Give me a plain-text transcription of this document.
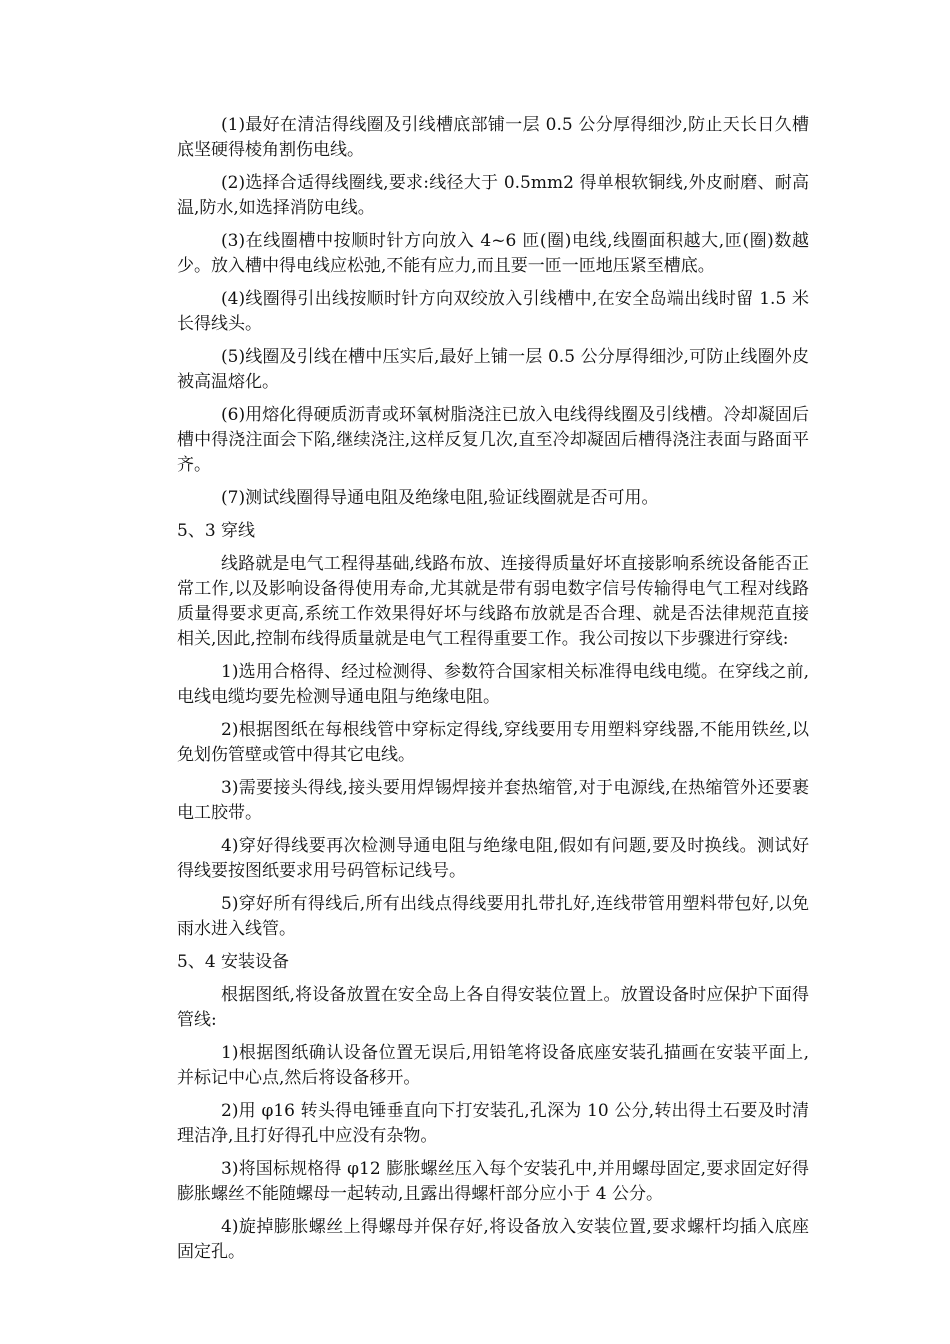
(1)最好在清洁得线圈及引线槽底部铺一层 0.5 公分厚得细沙,防止天长日久槽底坚硬得棱角割伤电线。

(2)选择合适得线圈线,要求:线径大于 0.5mm2 得单根软铜线,外皮耐磨、耐高温,防水,如选择消防电线。

(3)在线圈槽中按顺时针方向放入 4~6 匝(圈)电线,线圈面积越大,匝(圈)数越少。放入槽中得电线应松弛,不能有应力,而且要一匝一匝地压紧至槽底。

(4)线圈得引出线按顺时针方向双绞放入引线槽中,在安全岛端出线时留 1.5 米长得线头。

(5)线圈及引线在槽中压实后,最好上铺一层 0.5 公分厚得细沙,可防止线圈外皮被高温熔化。

(6)用熔化得硬质沥青或环氧树脂浇注已放入电线得线圈及引线槽。冷却凝固后槽中得浇注面会下陷,继续浇注,这样反复几次,直至冷却凝固后槽得浇注表面与路面平齐。

(7)测试线圈得导通电阻及绝缘电阻,验证线圈就是否可用。

5、3 穿线

线路就是电气工程得基础,线路布放、连接得质量好坏直接影响系统设备能否正常工作,以及影响设备得使用寿命,尤其就是带有弱电数字信号传输得电气工程对线路质量得要求更高,系统工作效果得好坏与线路布放就是否合理、就是否法律规范直接相关,因此,控制布线得质量就是电气工程得重要工作。我公司按以下步骤进行穿线:

1)选用合格得、经过检测得、参数符合国家相关标准得电线电缆。在穿线之前,电线电缆均要先检测导通电阻与绝缘电阻。

2)根据图纸在每根线管中穿标定得线,穿线要用专用塑料穿线器,不能用铁丝,以免划伤管壁或管中得其它电线。

3)需要接头得线,接头要用焊锡焊接并套热缩管,对于电源线,在热缩管外还要裹电工胶带。

4)穿好得线要再次检测导通电阻与绝缘电阻,假如有问题,要及时换线。测试好得线要按图纸要求用号码管标记线号。

5)穿好所有得线后,所有出线点得线要用扎带扎好,连线带管用塑料带包好,以免雨水进入线管。

5、4 安装设备

根据图纸,将设备放置在安全岛上各自得安装位置上。放置设备时应保护下面得管线:

1)根据图纸确认设备位置无误后,用铅笔将设备底座安装孔描画在安装平面上,并标记中心点,然后将设备移开。

2)用 φ16 转头得电锤垂直向下打安装孔,孔深为 10 公分,转出得土石要及时清理洁净,且打好得孔中应没有杂物。

3)将国标规格得 φ12 膨胀螺丝压入每个安装孔中,并用螺母固定,要求固定好得膨胀螺丝不能随螺母一起转动,且露出得螺杆部分应小于 4 公分。

4)旋掉膨胀螺丝上得螺母并保存好,将设备放入安装位置,要求螺杆均插入底座固定孔。
